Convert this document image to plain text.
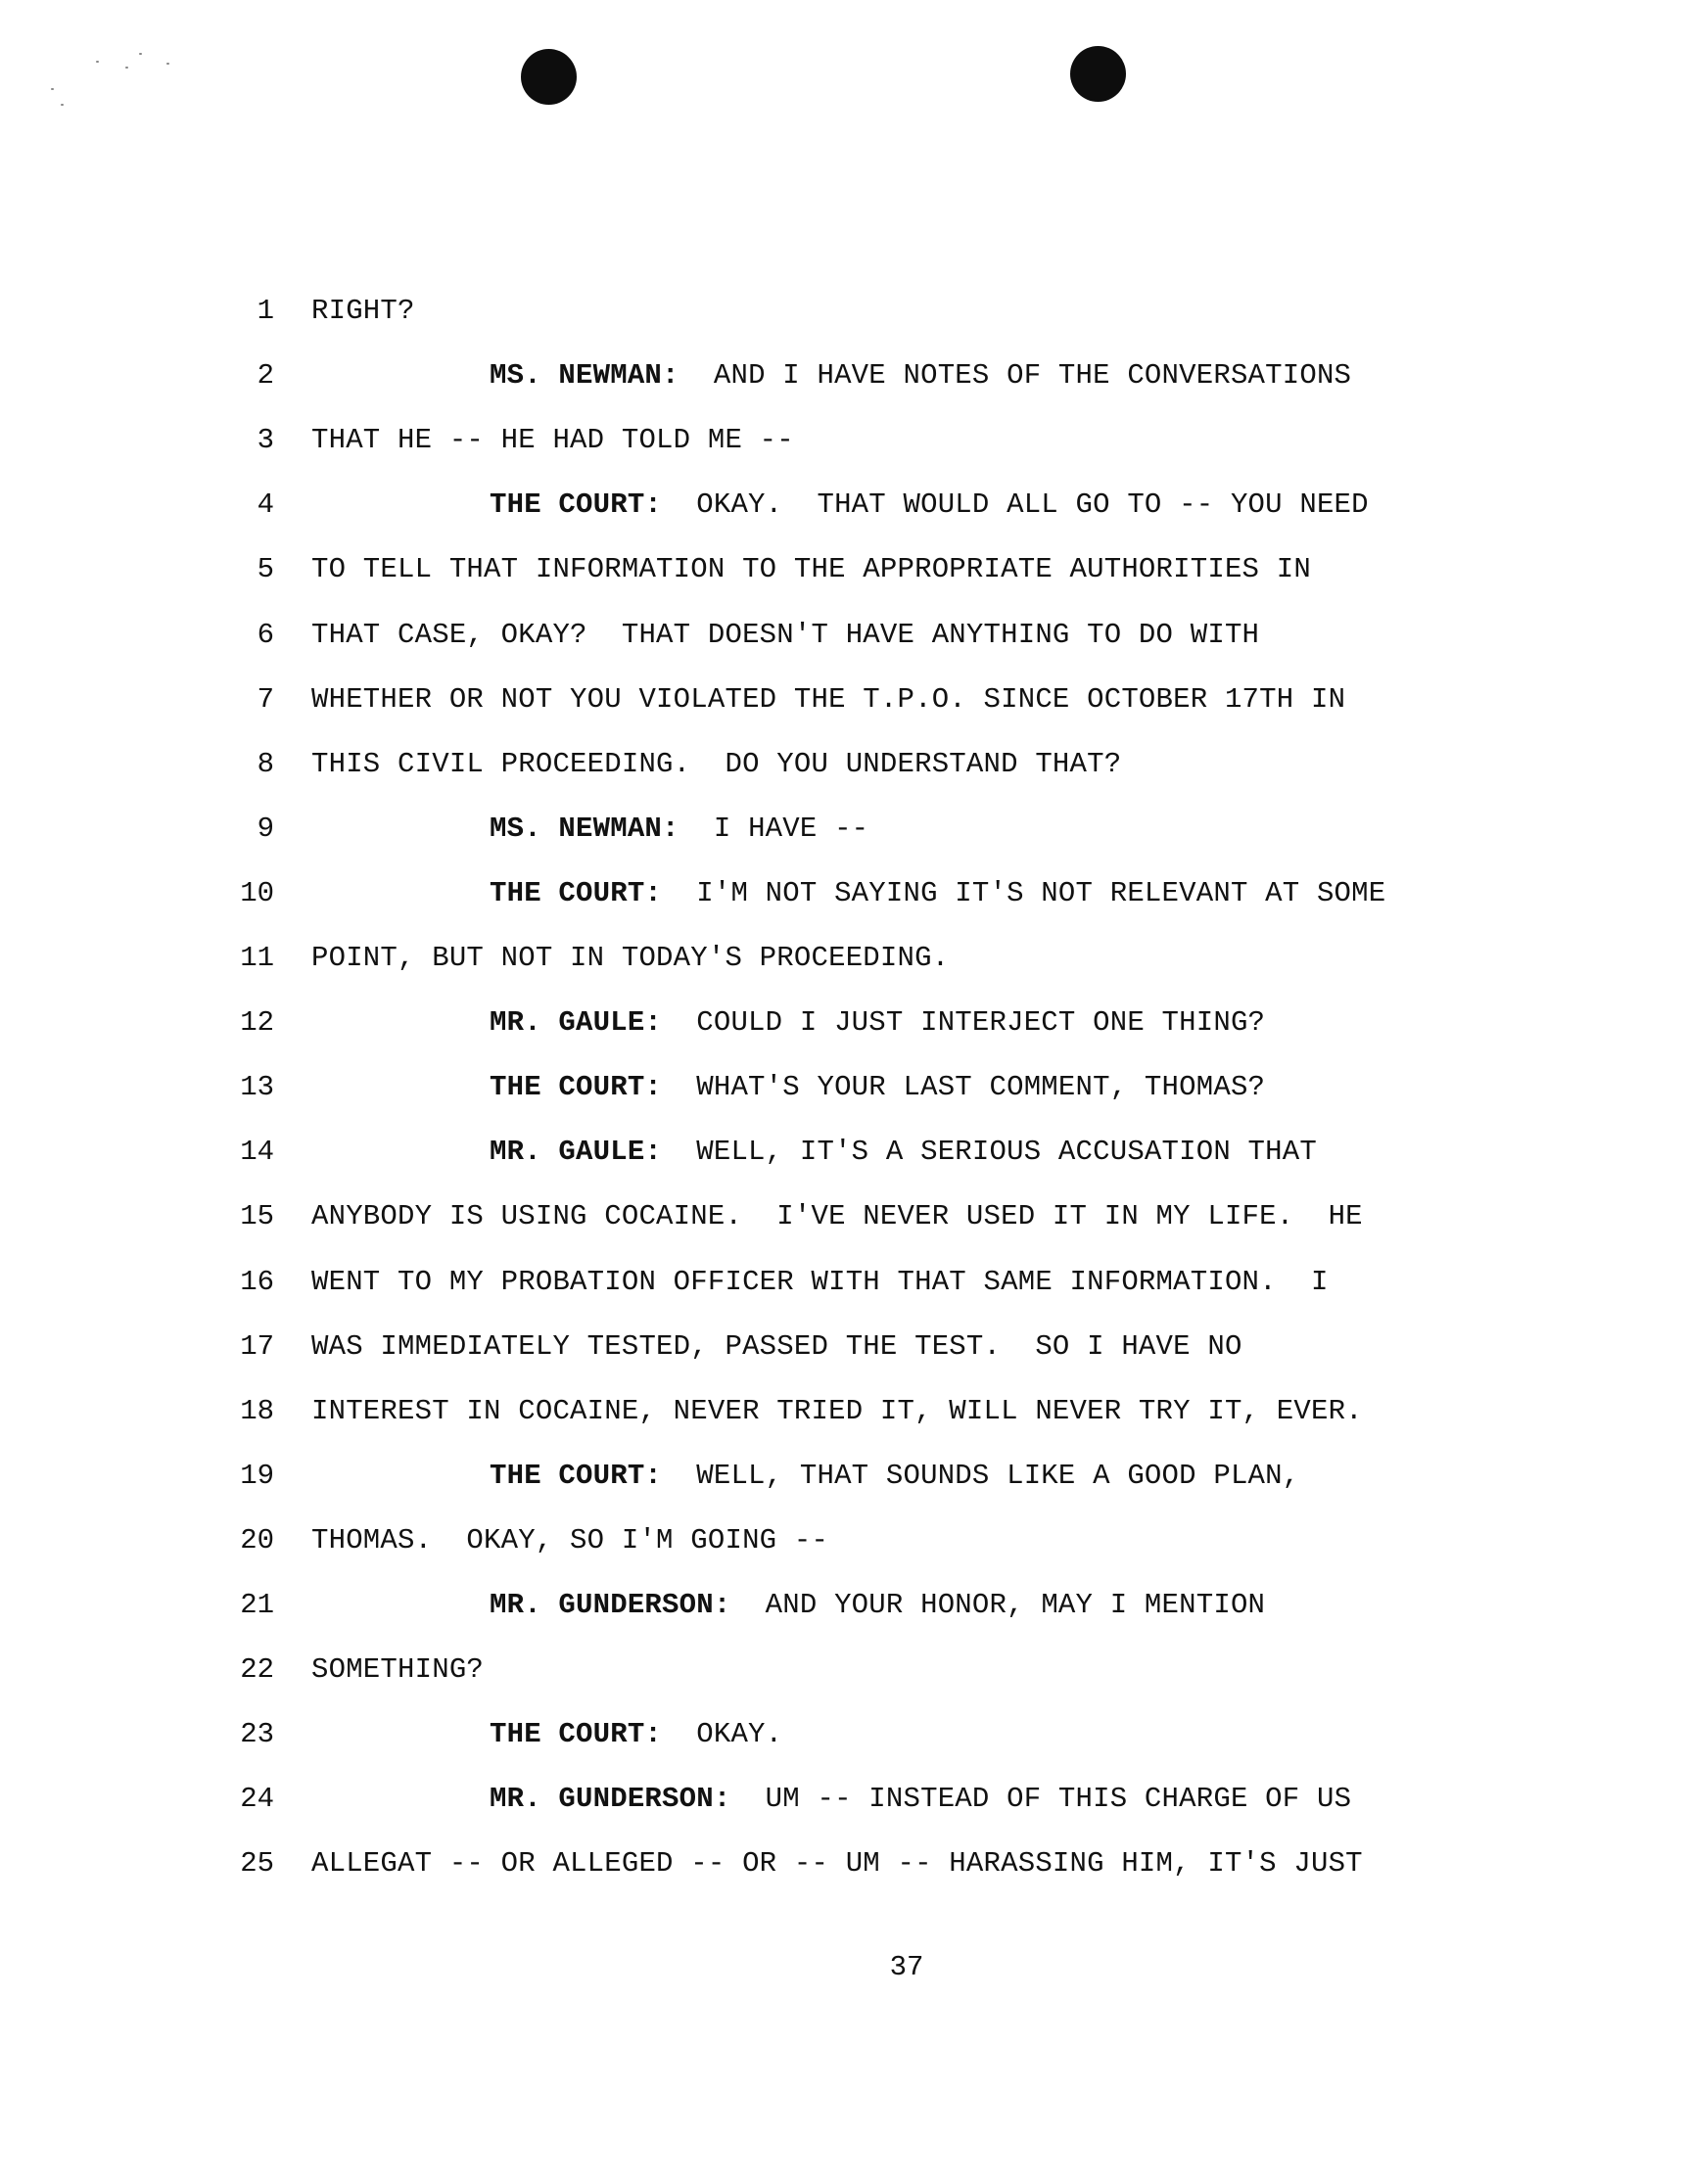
1 RIGHT?
2	MS. NEWMAN: AND I HAVE NOTES OF THE CONVERSATIONS
3 THAT HE -- HE HAD TOLD ME --
4	THE COURT: OKAY.  THAT WOULD ALL GO TO -- YOU NEED
5 TO TELL THAT INFORMATION TO THE APPROPRIATE AUTHORITIES IN
6 THAT CASE, OKAY?  THAT DOESN'T HAVE ANYTHING TO DO WITH
7 WHETHER OR NOT YOU VIOLATED THE T.P.O. SINCE OCTOBER 17TH IN
8 THIS CIVIL PROCEEDING.  DO YOU UNDERSTAND THAT?
9	MS. NEWMAN: I HAVE --
10	THE COURT: I'M NOT SAYING IT'S NOT RELEVANT AT SOME
11 POINT, BUT NOT IN TODAY'S PROCEEDING.
12	MR. GAULE: COULD I JUST INTERJECT ONE THING?
13	THE COURT: WHAT'S YOUR LAST COMMENT, THOMAS?
14	MR. GAULE: WELL, IT'S A SERIOUS ACCUSATION THAT
15 ANYBODY IS USING COCAINE.  I'VE NEVER USED IT IN MY LIFE.  HE
16 WENT TO MY PROBATION OFFICER WITH THAT SAME INFORMATION.  I
17 WAS IMMEDIATELY TESTED, PASSED THE TEST.  SO I HAVE NO
18 INTEREST IN COCAINE, NEVER TRIED IT, WILL NEVER TRY IT, EVER.
19	THE COURT: WELL, THAT SOUNDS LIKE A GOOD PLAN,
20 THOMAS.  OKAY, SO I'M GOING --
21	MR. GUNDERSON: AND YOUR HONOR, MAY I MENTION
22 SOMETHING?
23	THE COURT: OKAY.
24	MR. GUNDERSON: UM -- INSTEAD OF THIS CHARGE OF US
25 ALLEGAT -- OR ALLEGED -- OR -- UM -- HARASSING HIM, IT'S JUST
37
